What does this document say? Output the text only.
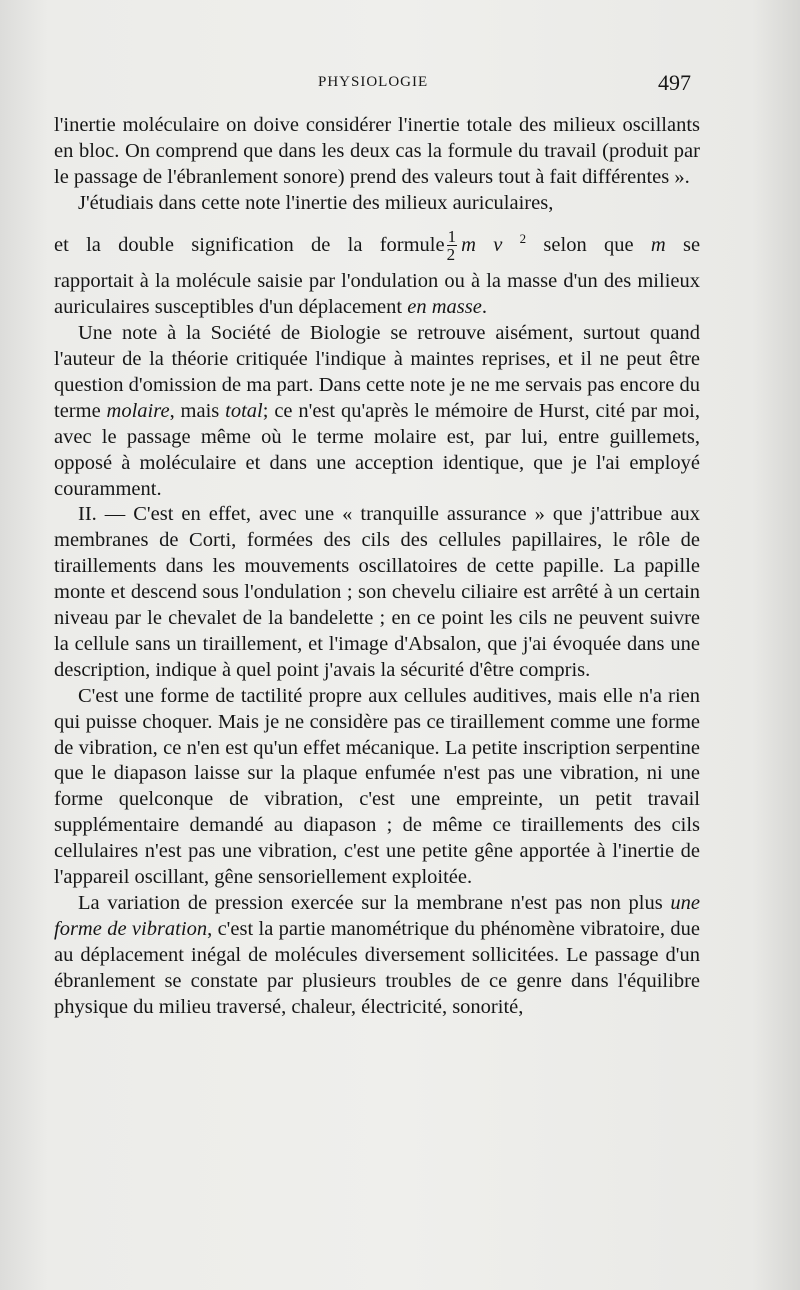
PHYSIOLOGIE	497

l'inertie moléculaire on doive considérer l'inertie totale des milieux oscillants en bloc. On comprend que dans les deux cas la formule du travail (produit par le passage de l'ébranlement sonore) prend des valeurs tout à fait différentes ».

J'étudiais dans cette note l'inertie des milieux auriculaires,

et la double signification de la formule $\frac{1}{2}$ m v $^2$ selon que m se

rapportait à la molécule saisie par l'ondulation ou à la masse d'un des milieux auriculaires susceptibles d'un déplacement en masse.

Une note à la Société de Biologie se retrouve aisément, surtout quand l'auteur de la théorie critiquée l'indique à maintes reprises, et il ne peut être question d'omission de ma part. Dans cette note je ne me servais pas encore du terme molaire, mais total; ce n'est qu'après le mémoire de Hurst, cité par moi, avec le passage même où le terme molaire est, par lui, entre guillemets, opposé à moléculaire et dans une acception identique, que je l'ai employé couramment.

II. — C'est en effet, avec une « tranquille assurance » que j'attribue aux membranes de Corti, formées des cils des cellules papillaires, le rôle de tiraillements dans les mouvements oscillatoires de cette papille. La papille monte et descend sous l'ondulation ; son chevelu ciliaire est arrêté à un certain niveau par le chevalet de la bandelette ; en ce point les cils ne peuvent suivre la cellule sans un tiraillement, et l'image d'Absalon, que j'ai évoquée dans une description, indique à quel point j'avais la sécurité d'être compris.

C'est une forme de tactilité propre aux cellules auditives, mais elle n'a rien qui puisse choquer. Mais je ne considère pas ce tiraillement comme une forme de vibration, ce n'en est qu'un effet mécanique. La petite inscription serpentine que le diapason laisse sur la plaque enfumée n'est pas une vibration, ni une forme quelconque de vibration, c'est une empreinte, un petit travail supplémentaire demandé au diapason ; de même ce tiraillements des cils cellulaires n'est pas une vibration, c'est une petite gêne apportée à l'inertie de l'appareil oscillant, gêne sensoriellement exploitée.

La variation de pression exercée sur la membrane n'est pas non plus une forme de vibration, c'est la partie manométrique du phénomène vibratoire, due au déplacement inégal de molécules diversement sollicitées. Le passage d'un ébranlement se constate par plusieurs troubles de ce genre dans l'équilibre physique du milieu traversé, chaleur, électricité, sonorité,
